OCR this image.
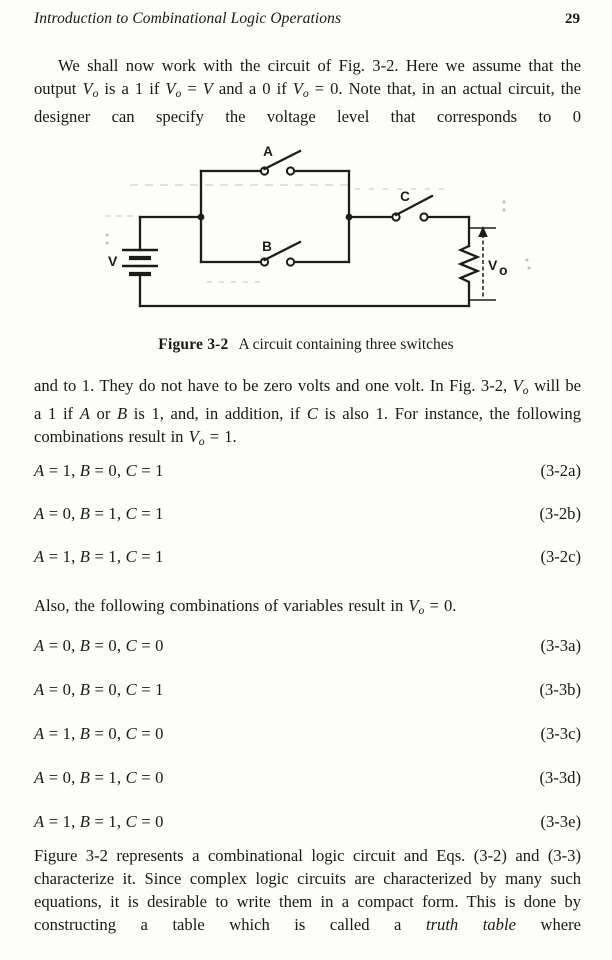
Introduction to Combinational Logic Operations	29
We shall now work with the circuit of Fig. 3-2. Here we assume that the output Vo is a 1 if Vo = V and a 0 if Vo = 0. Note that, in an actual circuit, the designer can specify the voltage level that corresponds to 0
V
A
B
C
V o
Figure 3-2 A circuit containing three switches
and to 1. They do not have to be zero volts and one volt. In Fig. 3-2, Vo will be a 1 if A or B is 1, and, in addition, if C is also 1. For instance, the following combinations result in Vo = 1.
A = 1, B = 0, C = 1	(3-2a)
A = 0, B = 1, C = 1	(3-2b)
A = 1, B = 1, C = 1	(3-2c)
Also, the following combinations of variables result in Vo = 0.
A = 0, B = 0, C = 0	(3-3a)
A = 0, B = 0, C = 1	(3-3b)
A = 1, B = 0, C = 0	(3-3c)
A = 0, B = 1, C = 0	(3-3d)
A = 1, B = 1, C = 0	(3-3e)
Figure 3-2 represents a combinational logic circuit and Eqs. (3-2) and (3-3) characterize it. Since complex logic circuits are characterized by many such equations, it is desirable to write them in a compact form. This is done by constructing a table which is called a truth table where
